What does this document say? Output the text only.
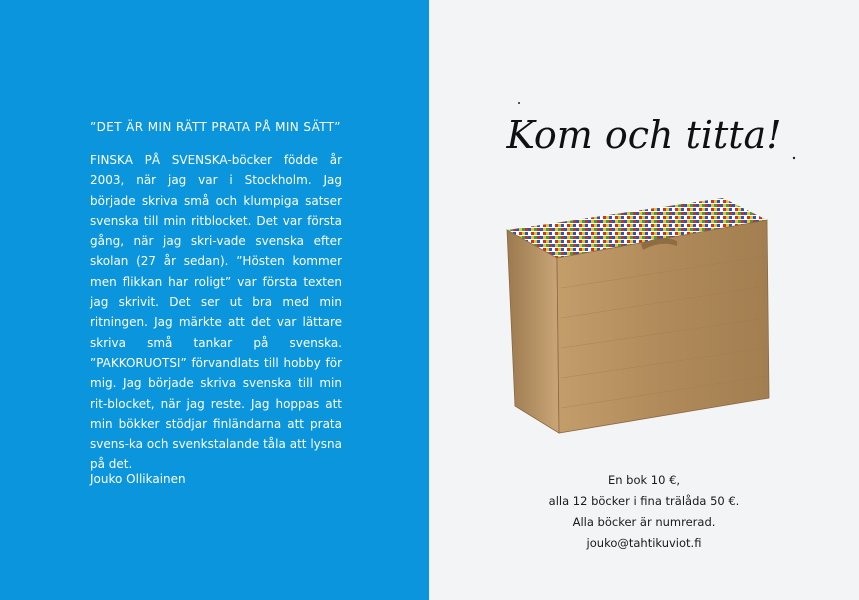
”DET ÄR MIN RÄTT PRATA PÅ MIN SÄTT”

FINSKA PÅ SVENSKA-böcker födde år 2003, när jag var i Stockholm. Jag började skriva små och klumpiga satser svenska till min ritblocket. Det var första gång, när jag skri-vade svenska efter skolan (27 år sedan). ”Hösten kommer men flikkan har roligt” var första texten jag skrivit. Det ser ut bra med min ritningen. Jag märkte att det var lättare skriva små tankar på svenska. ”PAKKORUOTSI” förvandlats till hobby för mig. Jag började skriva svenska till min rit-blocket, när jag reste. Jag hoppas att min bökker stödjar finländarna att prata svens-ka och svenkstalande tåla att lysna på det.

Jouko Ollikainen
Kom och titta!
En bok 10 €,
alla 12 böcker i fina trälåda 50 €.
Alla böcker är numrerad.
jouko@tahtikuviot.fi
